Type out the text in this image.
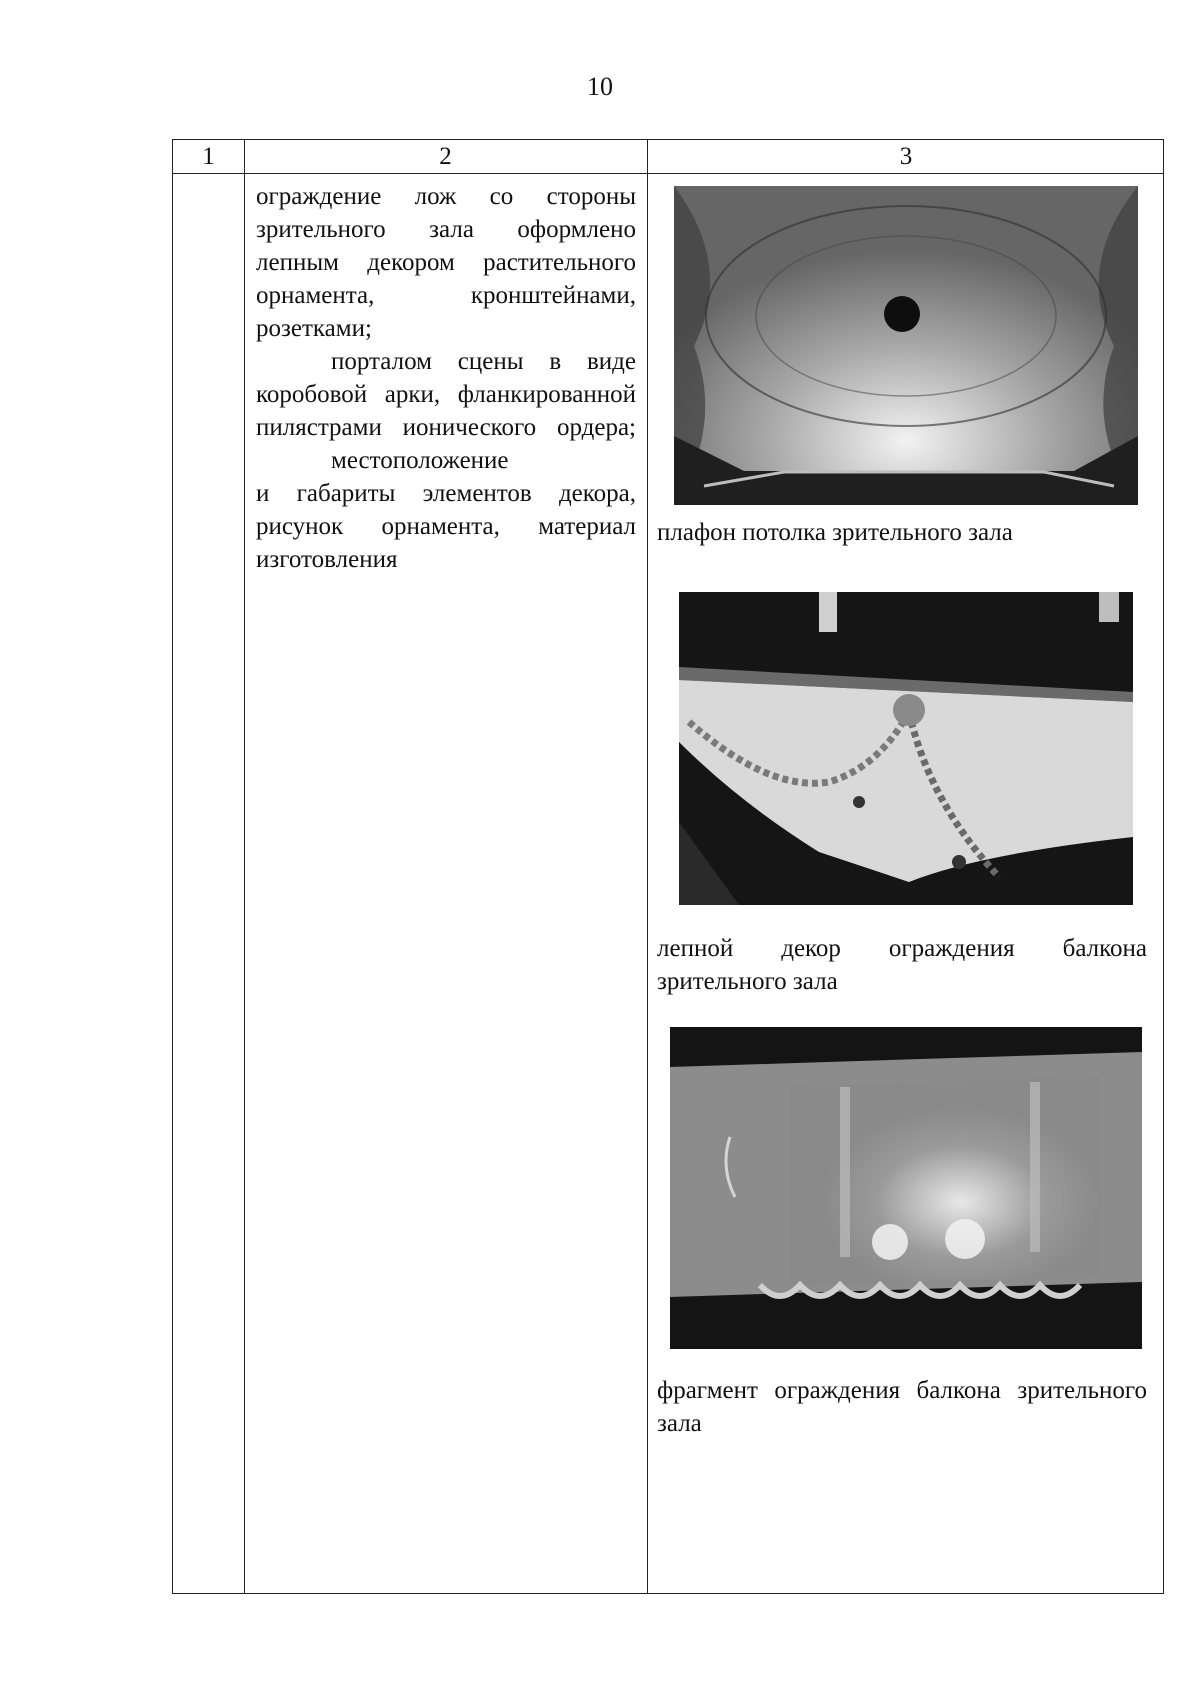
10
1	2	3

ограждение лож со стороны зрительного зала оформлено лепным декором растительного орнамента, кронштейнами, розетками;

порталом сцены в виде коробовой арки, фланкированной пилястрами ионического ордера;

местоположение

и габариты элементов декора, рисунок орнамента, материал изготовления

плафон потолка зрительного зала
лепной декор ограждения балкона зрительного зала
фрагмент ограждения балкона зрительного зала
